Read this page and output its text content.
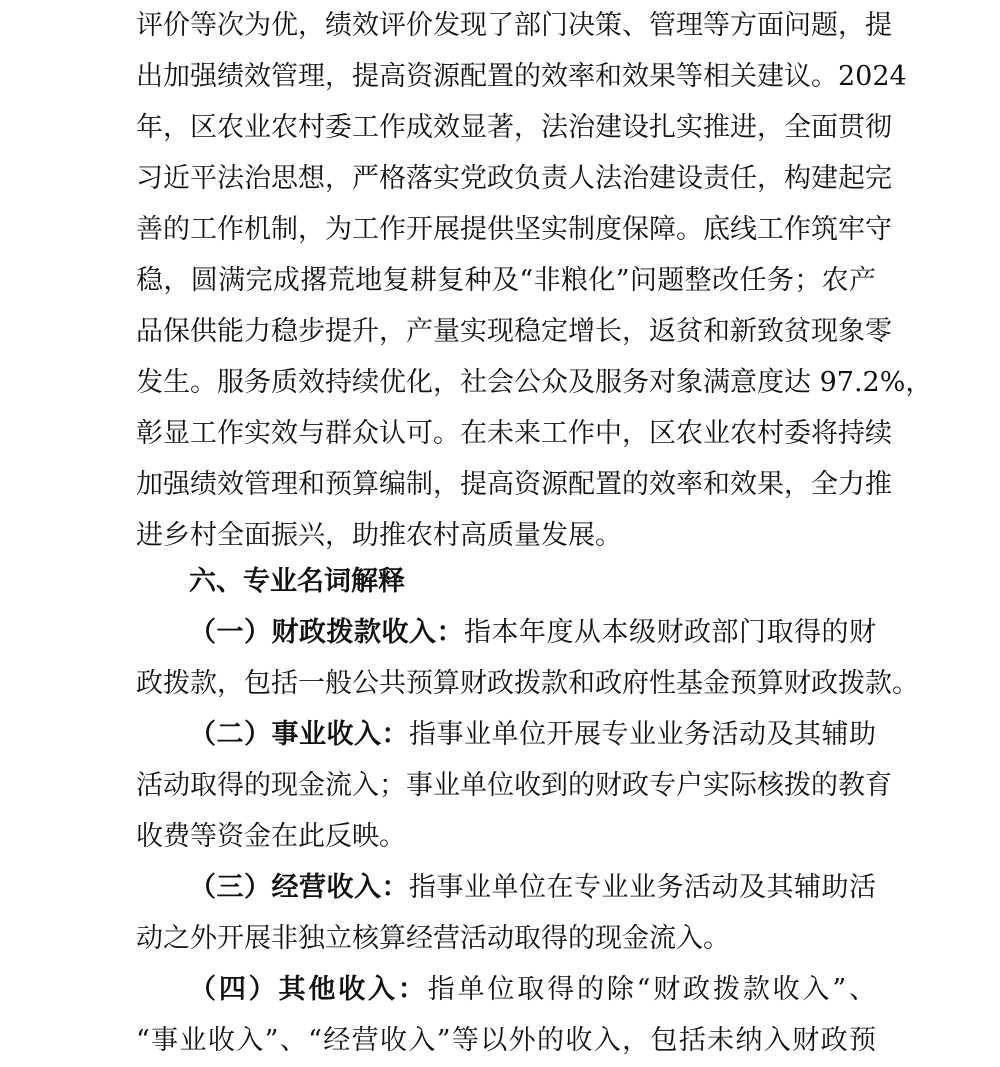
评价等次为优，绩效评价发现了部门决策、管理等方面问题，提
出加强绩效管理，提高资源配置的效率和效果等相关建议。2024
年，区农业农村委工作成效显著，法治建设扎实推进，全面贯彻
习近平法治思想，严格落实党政负责人法治建设责任，构建起完
善的工作机制，为工作开展提供坚实制度保障。底线工作筑牢守
稳，圆满完成撂荒地复耕复种及“非粮化”问题整改任务；农产
品保供能力稳步提升，产量实现稳定增长，返贫和新致贫现象零
发生。服务质效持续优化，社会公众及服务对象满意度达 97.2%，
彰显工作实效与群众认可。在未来工作中，区农业农村委将持续
加强绩效管理和预算编制，提高资源配置的效率和效果，全力推
进乡村全面振兴，助推农村高质量发展。
六、专业名词解释
（一）财政拨款收入：指本年度从本级财政部门取得的财
政拨款，包括一般公共预算财政拨款和政府性基金预算财政拨款。
（二）事业收入：指事业单位开展专业业务活动及其辅助
活动取得的现金流入；事业单位收到的财政专户实际核拨的教育
收费等资金在此反映。
（三）经营收入：指事业单位在专业业务活动及其辅助活
动之外开展非独立核算经营活动取得的现金流入。
（四）其他收入：指单位取得的除“财政拨款收入”、
“事业收入”、“经营收入”等以外的收入，包括未纳入财政预
